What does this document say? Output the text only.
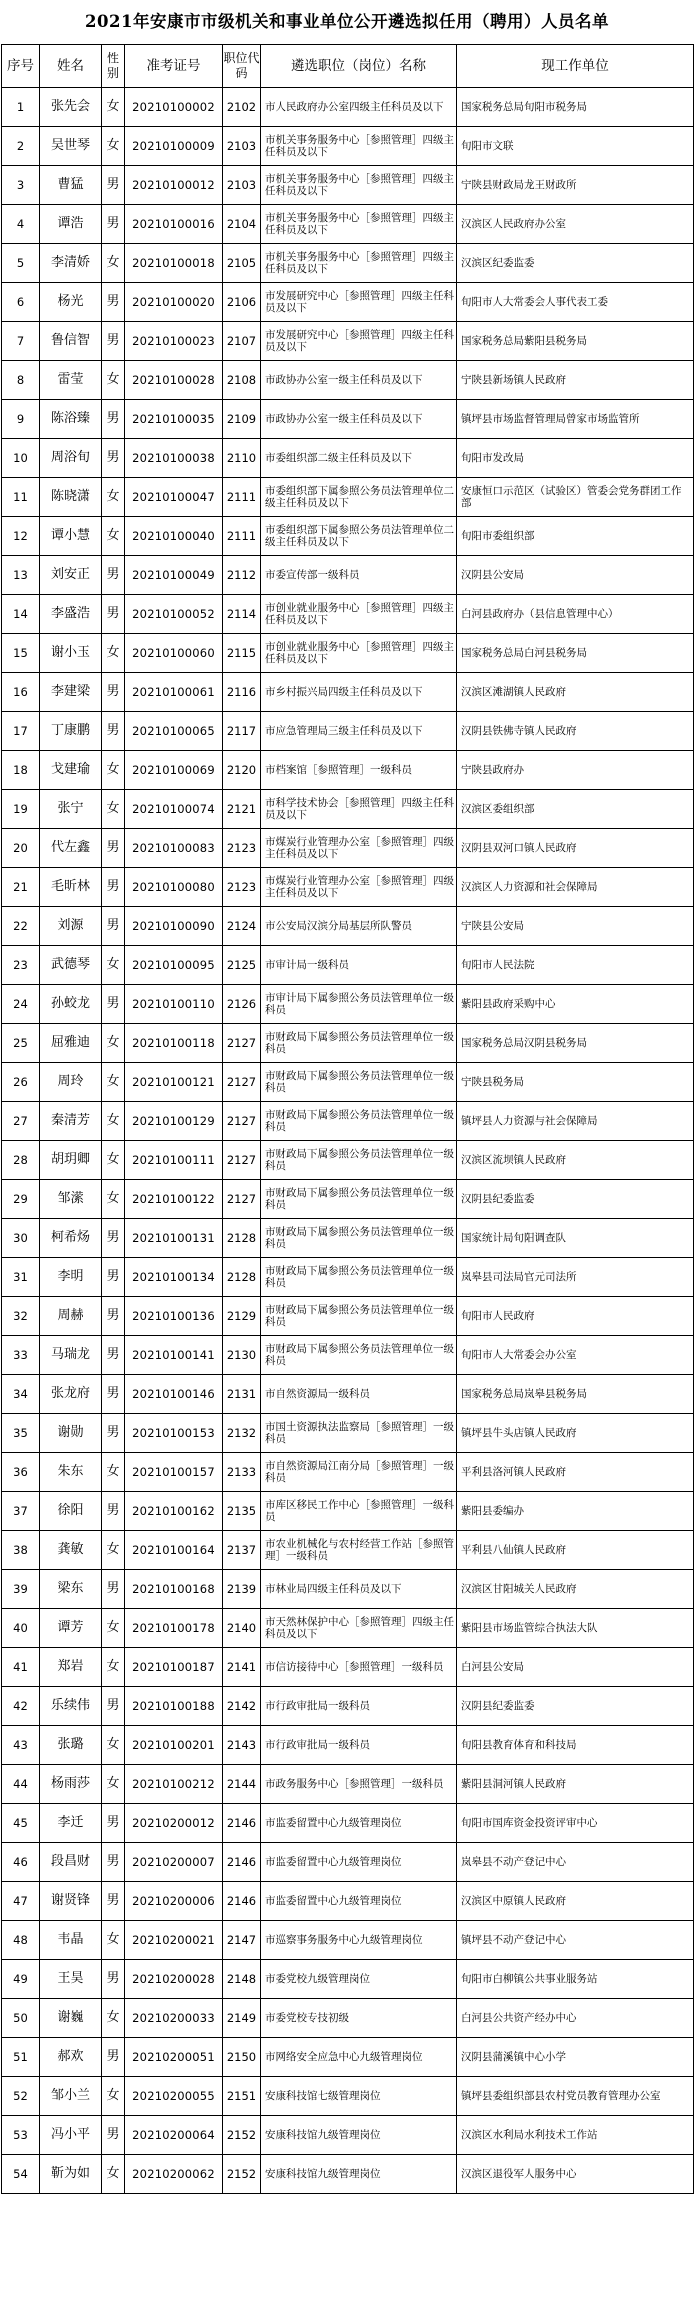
2021年安康市市级机关和事业单位公开遴选拟任用（聘用）人员名单
序号	姓名	性别	准考证号	职位代码	遴选职位（岗位）名称	现工作单位
1	张先会	女	20210100002	2102	市人民政府办公室四级主任科员及以下	国家税务总局旬阳市税务局
2	吴世琴	女	20210100009	2103	市机关事务服务中心［参照管理］四级主任科员及以下	旬阳市文联
3	曹猛	男	20210100012	2103	市机关事务服务中心［参照管理］四级主任科员及以下	宁陕县财政局龙王财政所
4	谭浩	男	20210100016	2104	市机关事务服务中心［参照管理］四级主任科员及以下	汉滨区人民政府办公室
5	李清娇	女	20210100018	2105	市机关事务服务中心［参照管理］四级主任科员及以下	汉滨区纪委监委
6	杨光	男	20210100020	2106	市发展研究中心［参照管理］四级主任科员及以下	旬阳市人大常委会人事代表工委
7	鲁信智	男	20210100023	2107	市发展研究中心［参照管理］四级主任科员及以下	国家税务总局紫阳县税务局
8	雷莹	女	20210100028	2108	市政协办公室一级主任科员及以下	宁陕县新场镇人民政府
9	陈浴臻	男	20210100035	2109	市政协办公室一级主任科员及以下	镇坪县市场监督管理局曾家市场监管所
10	周浴旬	男	20210100038	2110	市委组织部二级主任科员及以下	旬阳市发改局
11	陈晓潇	女	20210100047	2111	市委组织部下属参照公务员法管理单位二级主任科员及以下	安康恒口示范区（试验区）管委会党务群团工作部
12	谭小慧	女	20210100040	2111	市委组织部下属参照公务员法管理单位二级主任科员及以下	旬阳市委组织部
13	刘安正	男	20210100049	2112	市委宣传部一级科员	汉阴县公安局
14	李盛浩	男	20210100052	2114	市创业就业服务中心［参照管理］四级主任科员及以下	白河县政府办（县信息管理中心）
15	谢小玉	女	20210100060	2115	市创业就业服务中心［参照管理］四级主任科员及以下	国家税务总局白河县税务局
16	李建梁	男	20210100061	2116	市乡村振兴局四级主任科员及以下	汉滨区滩湖镇人民政府
17	丁康鹏	男	20210100065	2117	市应急管理局三级主任科员及以下	汉阴县铁佛寺镇人民政府
18	戈建瑜	女	20210100069	2120	市档案馆［参照管理］一级科员	宁陕县政府办
19	张宁	女	20210100074	2121	市科学技术协会［参照管理］四级主任科员及以下	汉滨区委组织部
20	代左鑫	男	20210100083	2123	市煤炭行业管理办公室［参照管理］四级主任科员及以下	汉阴县双河口镇人民政府
21	毛昕林	男	20210100080	2123	市煤炭行业管理办公室［参照管理］四级主任科员及以下	汉滨区人力资源和社会保障局
22	刘源	男	20210100090	2124	市公安局汉滨分局基层所队警员	宁陕县公安局
23	武德琴	女	20210100095	2125	市审计局一级科员	旬阳市人民法院
24	孙蛟龙	男	20210100110	2126	市审计局下属参照公务员法管理单位一级科员	紫阳县政府采购中心
25	屈雅迪	女	20210100118	2127	市财政局下属参照公务员法管理单位一级科员	国家税务总局汉阴县税务局
26	周玲	女	20210100121	2127	市财政局下属参照公务员法管理单位一级科员	宁陕县税务局
27	秦清芳	女	20210100129	2127	市财政局下属参照公务员法管理单位一级科员	镇坪县人力资源与社会保障局
28	胡玥卿	女	20210100111	2127	市财政局下属参照公务员法管理单位一级科员	汉滨区流坝镇人民政府
29	邹潆	女	20210100122	2127	市财政局下属参照公务员法管理单位一级科员	汉阴县纪委监委
30	柯希炀	男	20210100131	2128	市财政局下属参照公务员法管理单位一级科员	国家统计局旬阳调查队
31	李明	男	20210100134	2128	市财政局下属参照公务员法管理单位一级科员	岚皋县司法局官元司法所
32	周赫	男	20210100136	2129	市财政局下属参照公务员法管理单位一级科员	旬阳市人民政府
33	马瑞龙	男	20210100141	2130	市财政局下属参照公务员法管理单位一级科员	旬阳市人大常委会办公室
34	张龙府	男	20210100146	2131	市自然资源局一级科员	国家税务总局岚皋县税务局
35	谢勋	男	20210100153	2132	市国土资源执法监察局［参照管理］一级科员	镇坪县牛头店镇人民政府
36	朱东	女	20210100157	2133	市自然资源局江南分局［参照管理］一级科员	平利县洛河镇人民政府
37	徐阳	男	20210100162	2135	市库区移民工作中心［参照管理］一级科员	紫阳县委编办
38	龚敏	女	20210100164	2137	市农业机械化与农村经营工作站［参照管理］一级科员	平利县八仙镇人民政府
39	梁东	男	20210100168	2139	市林业局四级主任科员及以下	汉滨区甘阳城关人民政府
40	谭芳	女	20210100178	2140	市天然林保护中心［参照管理］四级主任科员及以下	紫阳县市场监管综合执法大队
41	郑岩	女	20210100187	2141	市信访接待中心［参照管理］一级科员	白河县公安局
42	乐续伟	男	20210100188	2142	市行政审批局一级科员	汉阴县纪委监委
43	张璐	女	20210100201	2143	市行政审批局一级科员	旬阳县教育体育和科技局
44	杨雨莎	女	20210100212	2144	市政务服务中心［参照管理］一级科员	紫阳县洞河镇人民政府
45	李迁	男	20210200012	2146	市监委留置中心九级管理岗位	旬阳市国库资金投资评审中心
46	段昌财	男	20210200007	2146	市监委留置中心九级管理岗位	岚皋县不动产登记中心
47	谢贤锋	男	20210200006	2146	市监委留置中心九级管理岗位	汉滨区中原镇人民政府
48	韦晶	女	20210200021	2147	市巡察事务服务中心九级管理岗位	镇坪县不动产登记中心
49	王昊	男	20210200028	2148	市委党校九级管理岗位	旬阳市白柳镇公共事业服务站
50	谢巍	女	20210200033	2149	市委党校专技初级	白河县公共资产经办中心
51	郝欢	男	20210200051	2150	市网络安全应急中心九级管理岗位	汉阴县蒲溪镇中心小学
52	邹小兰	女	20210200055	2151	安康科技馆七级管理岗位	镇坪县委组织部县农村党员教育管理办公室
53	冯小平	男	20210200064	2152	安康科技馆九级管理岗位	汉滨区水利局水利技术工作站
54	靳为如	女	20210200062	2152	安康科技馆九级管理岗位	汉滨区退役军人服务中心
